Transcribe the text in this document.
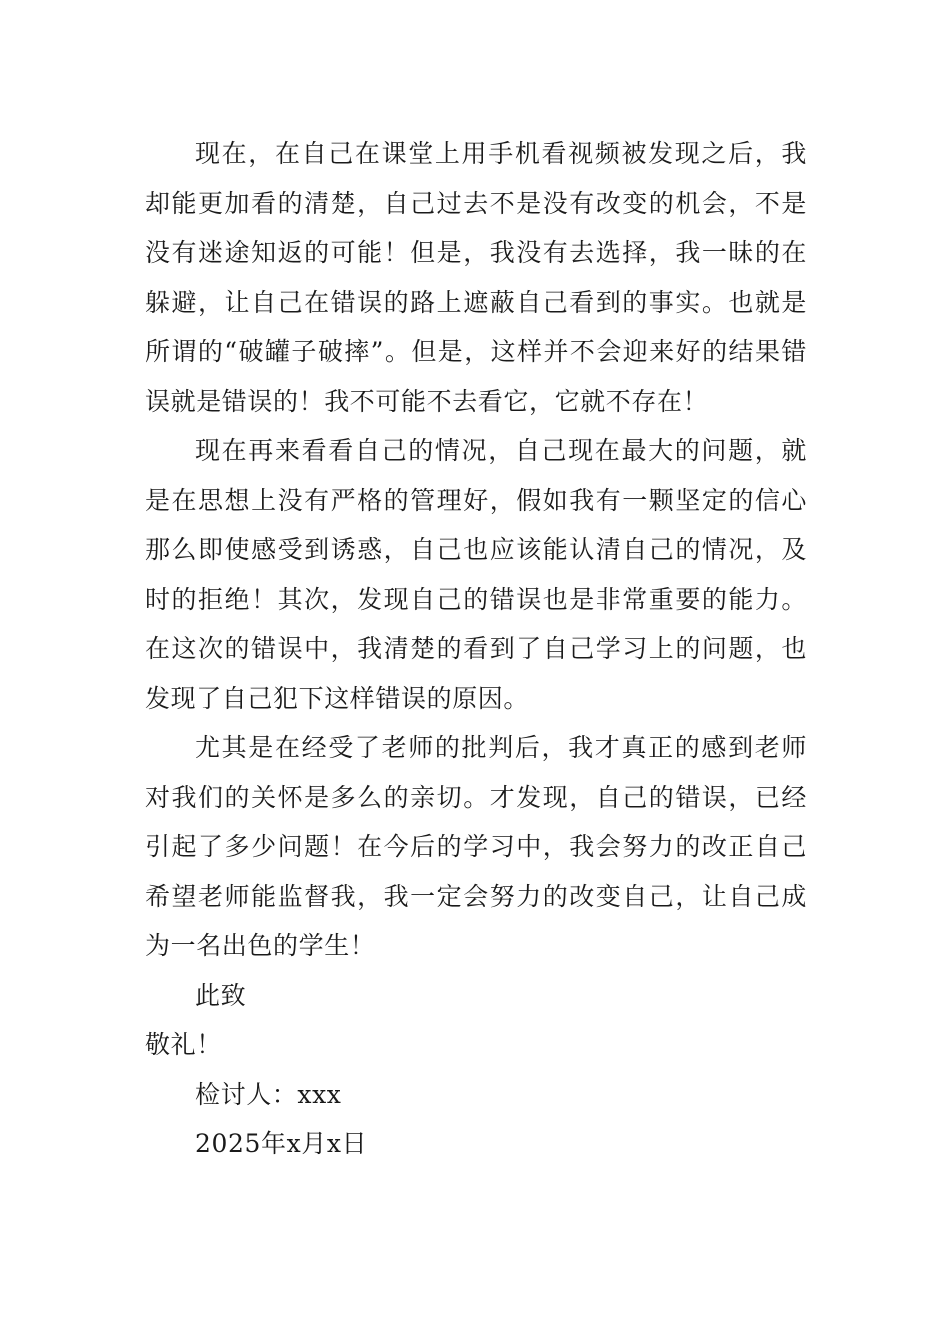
现在，在自己在课堂上用手机看视频被发现之后，我却能更加看的清楚，自己过去不是没有改变的机会，不是没有迷途知返的可能！但是，我没有去选择，我一昧的在躲避，让自己在错误的路上遮蔽自己看到的事实。也就是所谓的“破罐子破摔”。但是，这样并不会迎来好的结果错误就是错误的！我不可能不去看它，它就不存在！

现在再来看看自己的情况，自己现在最大的问题，就是在思想上没有严格的管理好，假如我有一颗坚定的信心那么即使感受到诱惑，自己也应该能认清自己的情况，及时的拒绝！其次，发现自己的错误也是非常重要的能力。在这次的错误中，我清楚的看到了自己学习上的问题，也发现了自己犯下这样错误的原因。

尤其是在经受了老师的批判后，我才真正的感到老师对我们的关怀是多么的亲切。才发现，自己的错误，已经引起了多少问题！在今后的学习中，我会努力的改正自己希望老师能监督我，我一定会努力的改变自己，让自己成为一名出色的学生！

此致

敬礼！

检讨人：xxx

2025年x月x日
